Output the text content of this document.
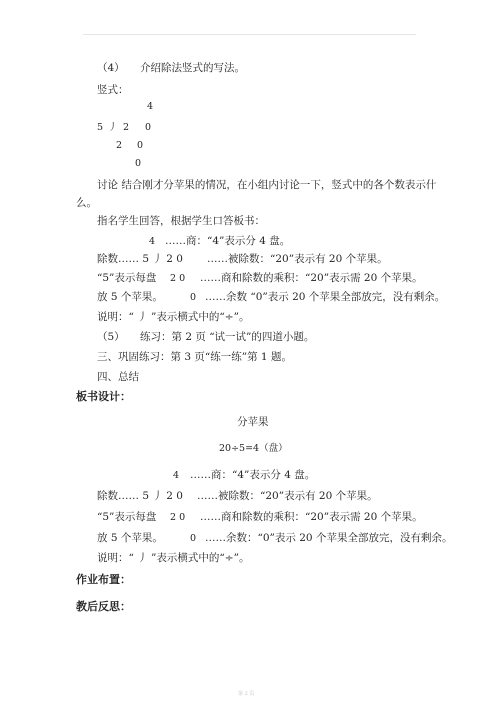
（4） 介绍除法竖式的写法。
竖式：
4
5 丿 2 0
2 0
0
讨论 结合刚才分苹果的情况，在小组内讨论一下，竖式中的各个数表示什
么。
指名学生回答，根据学生口答板书：
4 ……商：“4”表示分 4 盘。
除数…… 5 丿 2 0 ……被除数：“20”表示有 20 个苹果。
“5”表示每盘 2 0 ……商和除数的乘积：“20”表示需 20 个苹果。
放 5 个苹果。	0 ……余数 “0”表示 20 个苹果全部放完，没有剩余。
说明：“ 丿 ”表示横式中的“÷”。
（5） 练习：第 2 页 “试一试”的四道小题。
三、巩固练习：第 3 页“练一练”第 1 题。
四、总结
板书设计：
分苹果
20÷5=4（盘）
4 ……商：“4”表示分 4 盘。
除数…… 5 丿 2 0 ……被除数：“20”表示有 20 个苹果。
“5”表示每盘 2 0 ……商和除数的乘积：“20”表示需 20 个苹果。
放 5 个苹果。	0 ……余数：“0”表示 20 个苹果全部放完，没有剩余。
说明：“ 丿 ”表示横式中的“÷”。
作业布置：
教后反思：
第 2 页
